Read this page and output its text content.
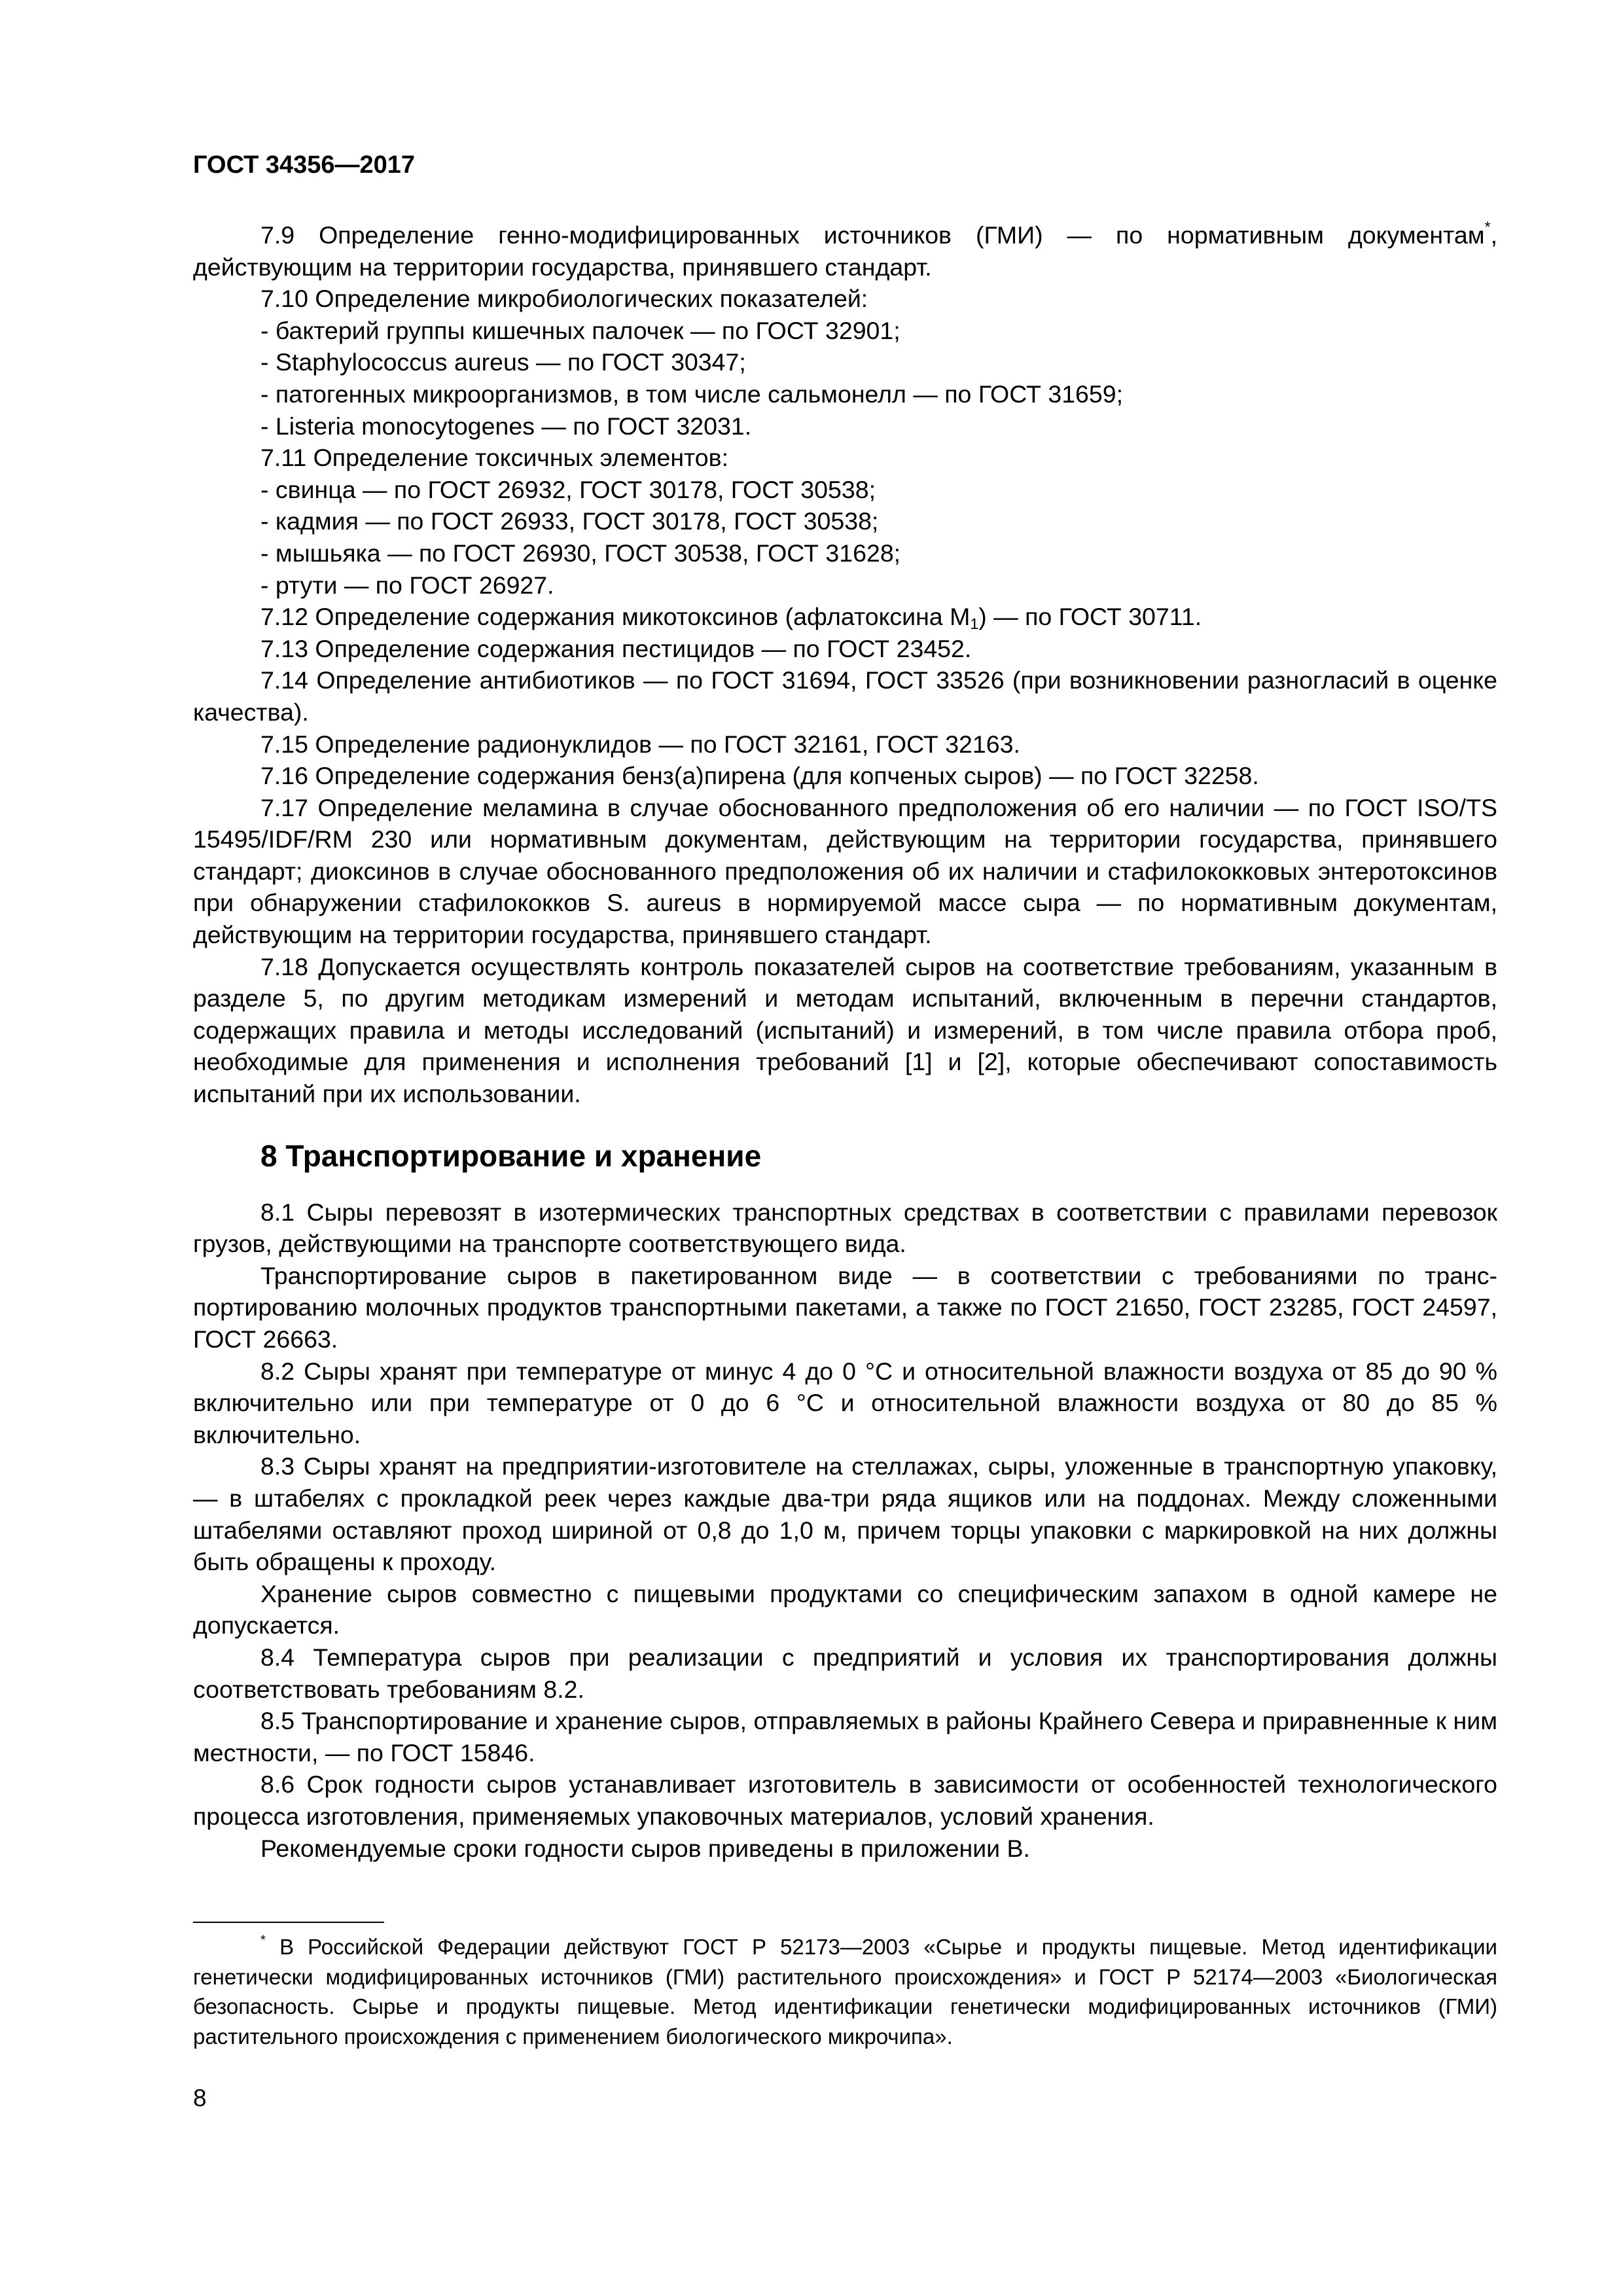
ГОСТ 34356—2017

7.9 Определение генно-модифицированных источников (ГМИ) — по нормативным документам*, действующим на территории государства, принявшего стандарт.

7.10 Определение микробиологических показателей:

- бактерий группы кишечных палочек — по ГОСТ 32901;

- Staphylococcus aureus — по ГОСТ 30347;

- патогенных микроорганизмов, в том числе сальмонелл — по ГОСТ 31659;

- Listeria monocytogenes — по ГОСТ 32031.

7.11 Определение токсичных элементов:

- свинца — по ГОСТ 26932, ГОСТ 30178, ГОСТ 30538;

- кадмия — по ГОСТ 26933, ГОСТ 30178, ГОСТ 30538;

- мышьяка — по ГОСТ 26930, ГОСТ 30538, ГОСТ 31628;

- ртути — по ГОСТ 26927.

7.12 Определение содержания микотоксинов (афлатоксина $M_1$) — по ГОСТ 30711.

7.13 Определение содержания пестицидов — по ГОСТ 23452.

7.14 Определение антибиотиков — по ГОСТ 31694, ГОСТ 33526 (при возникновении разногласий в оценке качества).

7.15 Определение радионуклидов — по ГОСТ 32161, ГОСТ 32163.

7.16 Определение содержания бенз(а)пирена (для копченых сыров) — по ГОСТ 32258.

7.17 Определение меламина в случае обоснованного предположения об его наличии — по ГОСТ ISO/TS 15495/IDF/RM 230 или нормативным документам, действующим на территории государства, принявшего стандарт; диоксинов в случае обоснованного предположения об их наличии и стафилококковых энтеротоксинов при обнаружении стафилококков S. aureus в нормируемой массе сыра — по нормативным документам, действующим на территории государства, принявшего стандарт.

7.18 Допускается осуществлять контроль показателей сыров на соответствие требованиям, указанным в разделе 5, по другим методикам измерений и методам испытаний, включенным в перечни стандартов, содержащих правила и методы исследований (испытаний) и измерений, в том числе правила отбора проб, необходимые для применения и исполнения требований [1] и [2], которые обеспечивают сопоставимость испытаний при их использовании.

8 Транспортирование и хранение

8.1 Сыры перевозят в изотермических транспортных средствах в соответствии с правилами перевозок грузов, действующими на транспорте соответствующего вида.

Транспортирование сыров в пакетированном виде — в соответствии с требованиями по транспортированию молочных продуктов транспортными пакетами, а также по ГОСТ 21650, ГОСТ 23285, ГОСТ 24597, ГОСТ 26663.

8.2 Сыры хранят при температуре от минус 4 до 0 °С и относительной влажности воздуха от 85 до 90 % включительно или при температуре от 0 до 6 °С и относительной влажности воздуха от 80 до 85 % включительно.

8.3 Сыры хранят на предприятии-изготовителе на стеллажах, сыры, уложенные в транспортную упаковку, — в штабелях с прокладкой реек через каждые два-три ряда ящиков или на поддонах. Между сложенными штабелями оставляют проход шириной от 0,8 до 1,0 м, причем торцы упаковки с маркировкой на них должны быть обращены к проходу.

Хранение сыров совместно с пищевыми продуктами со специфическим запахом в одной камере не допускается.

8.4 Температура сыров при реализации с предприятий и условия их транспортирования должны соответствовать требованиям 8.2.

8.5 Транспортирование и хранение сыров, отправляемых в районы Крайнего Севера и приравненные к ним местности, — по ГОСТ 15846.

8.6 Срок годности сыров устанавливает изготовитель в зависимости от особенностей технологического процесса изготовления, применяемых упаковочных материалов, условий хранения.

Рекомендуемые сроки годности сыров приведены в приложении В.

* В Российской Федерации действуют ГОСТ Р 52173—2003 «Сырье и продукты пищевые. Метод идентификации генетически модифицированных источников (ГМИ) растительного происхождения» и ГОСТ Р 52174—2003 «Биологическая безопасность. Сырье и продукты пищевые. Метод идентификации генетически модифицированных источников (ГМИ) растительного происхождения с применением биологического микрочипа».

8
